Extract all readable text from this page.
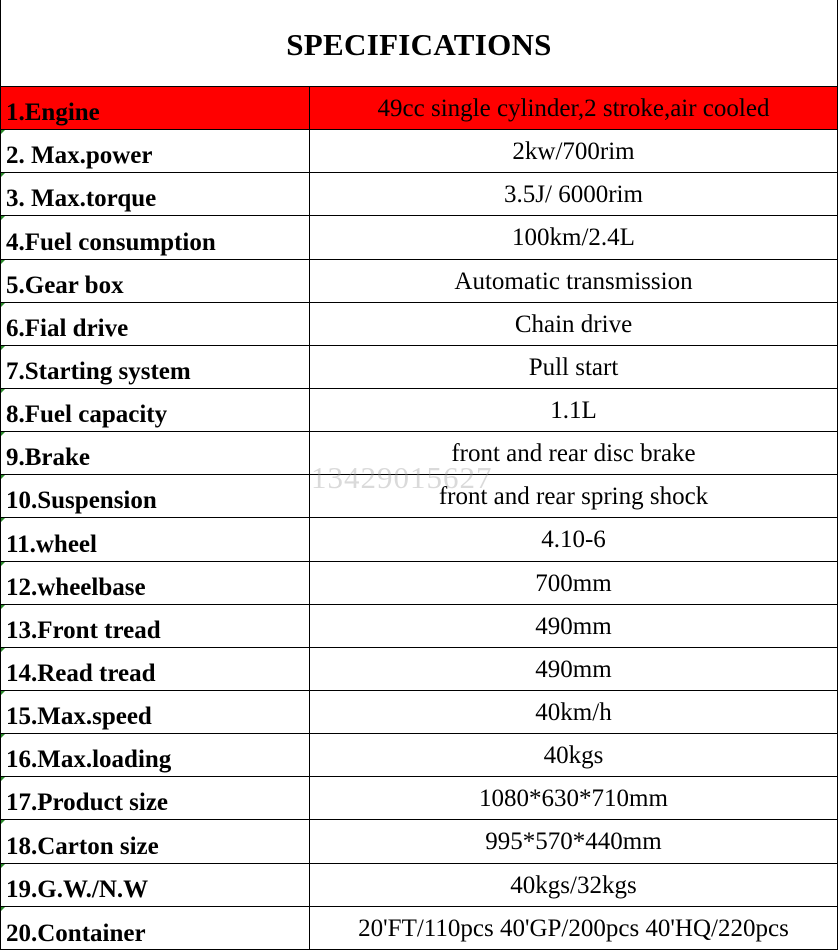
SPECIFICATIONS
1.Engine	49cc single cylinder,2 stroke,air cooled
2. Max.power	2kw/700rim
3. Max.torque	3.5J/ 6000rim
4.Fuel consumption	100km/2.4L
5.Gear box	Automatic transmission
6.Fial drive	Chain drive
7.Starting system	Pull start
8.Fuel capacity	1.1L
9.Brake	front and rear disc brake
10.Suspension	front and rear spring shock
11.wheel	4.10-6
12.wheelbase	700mm
13.Front tread	490mm
14.Read tread	490mm
15.Max.speed	40km/h
16.Max.loading	40kgs
17.Product size	1080*630*710mm
18.Carton size	995*570*440mm
19.G.W./N.W	40kgs/32kgs
20.Container	20'FT/110pcs 40'GP/200pcs 40'HQ/220pcs
13429015627
